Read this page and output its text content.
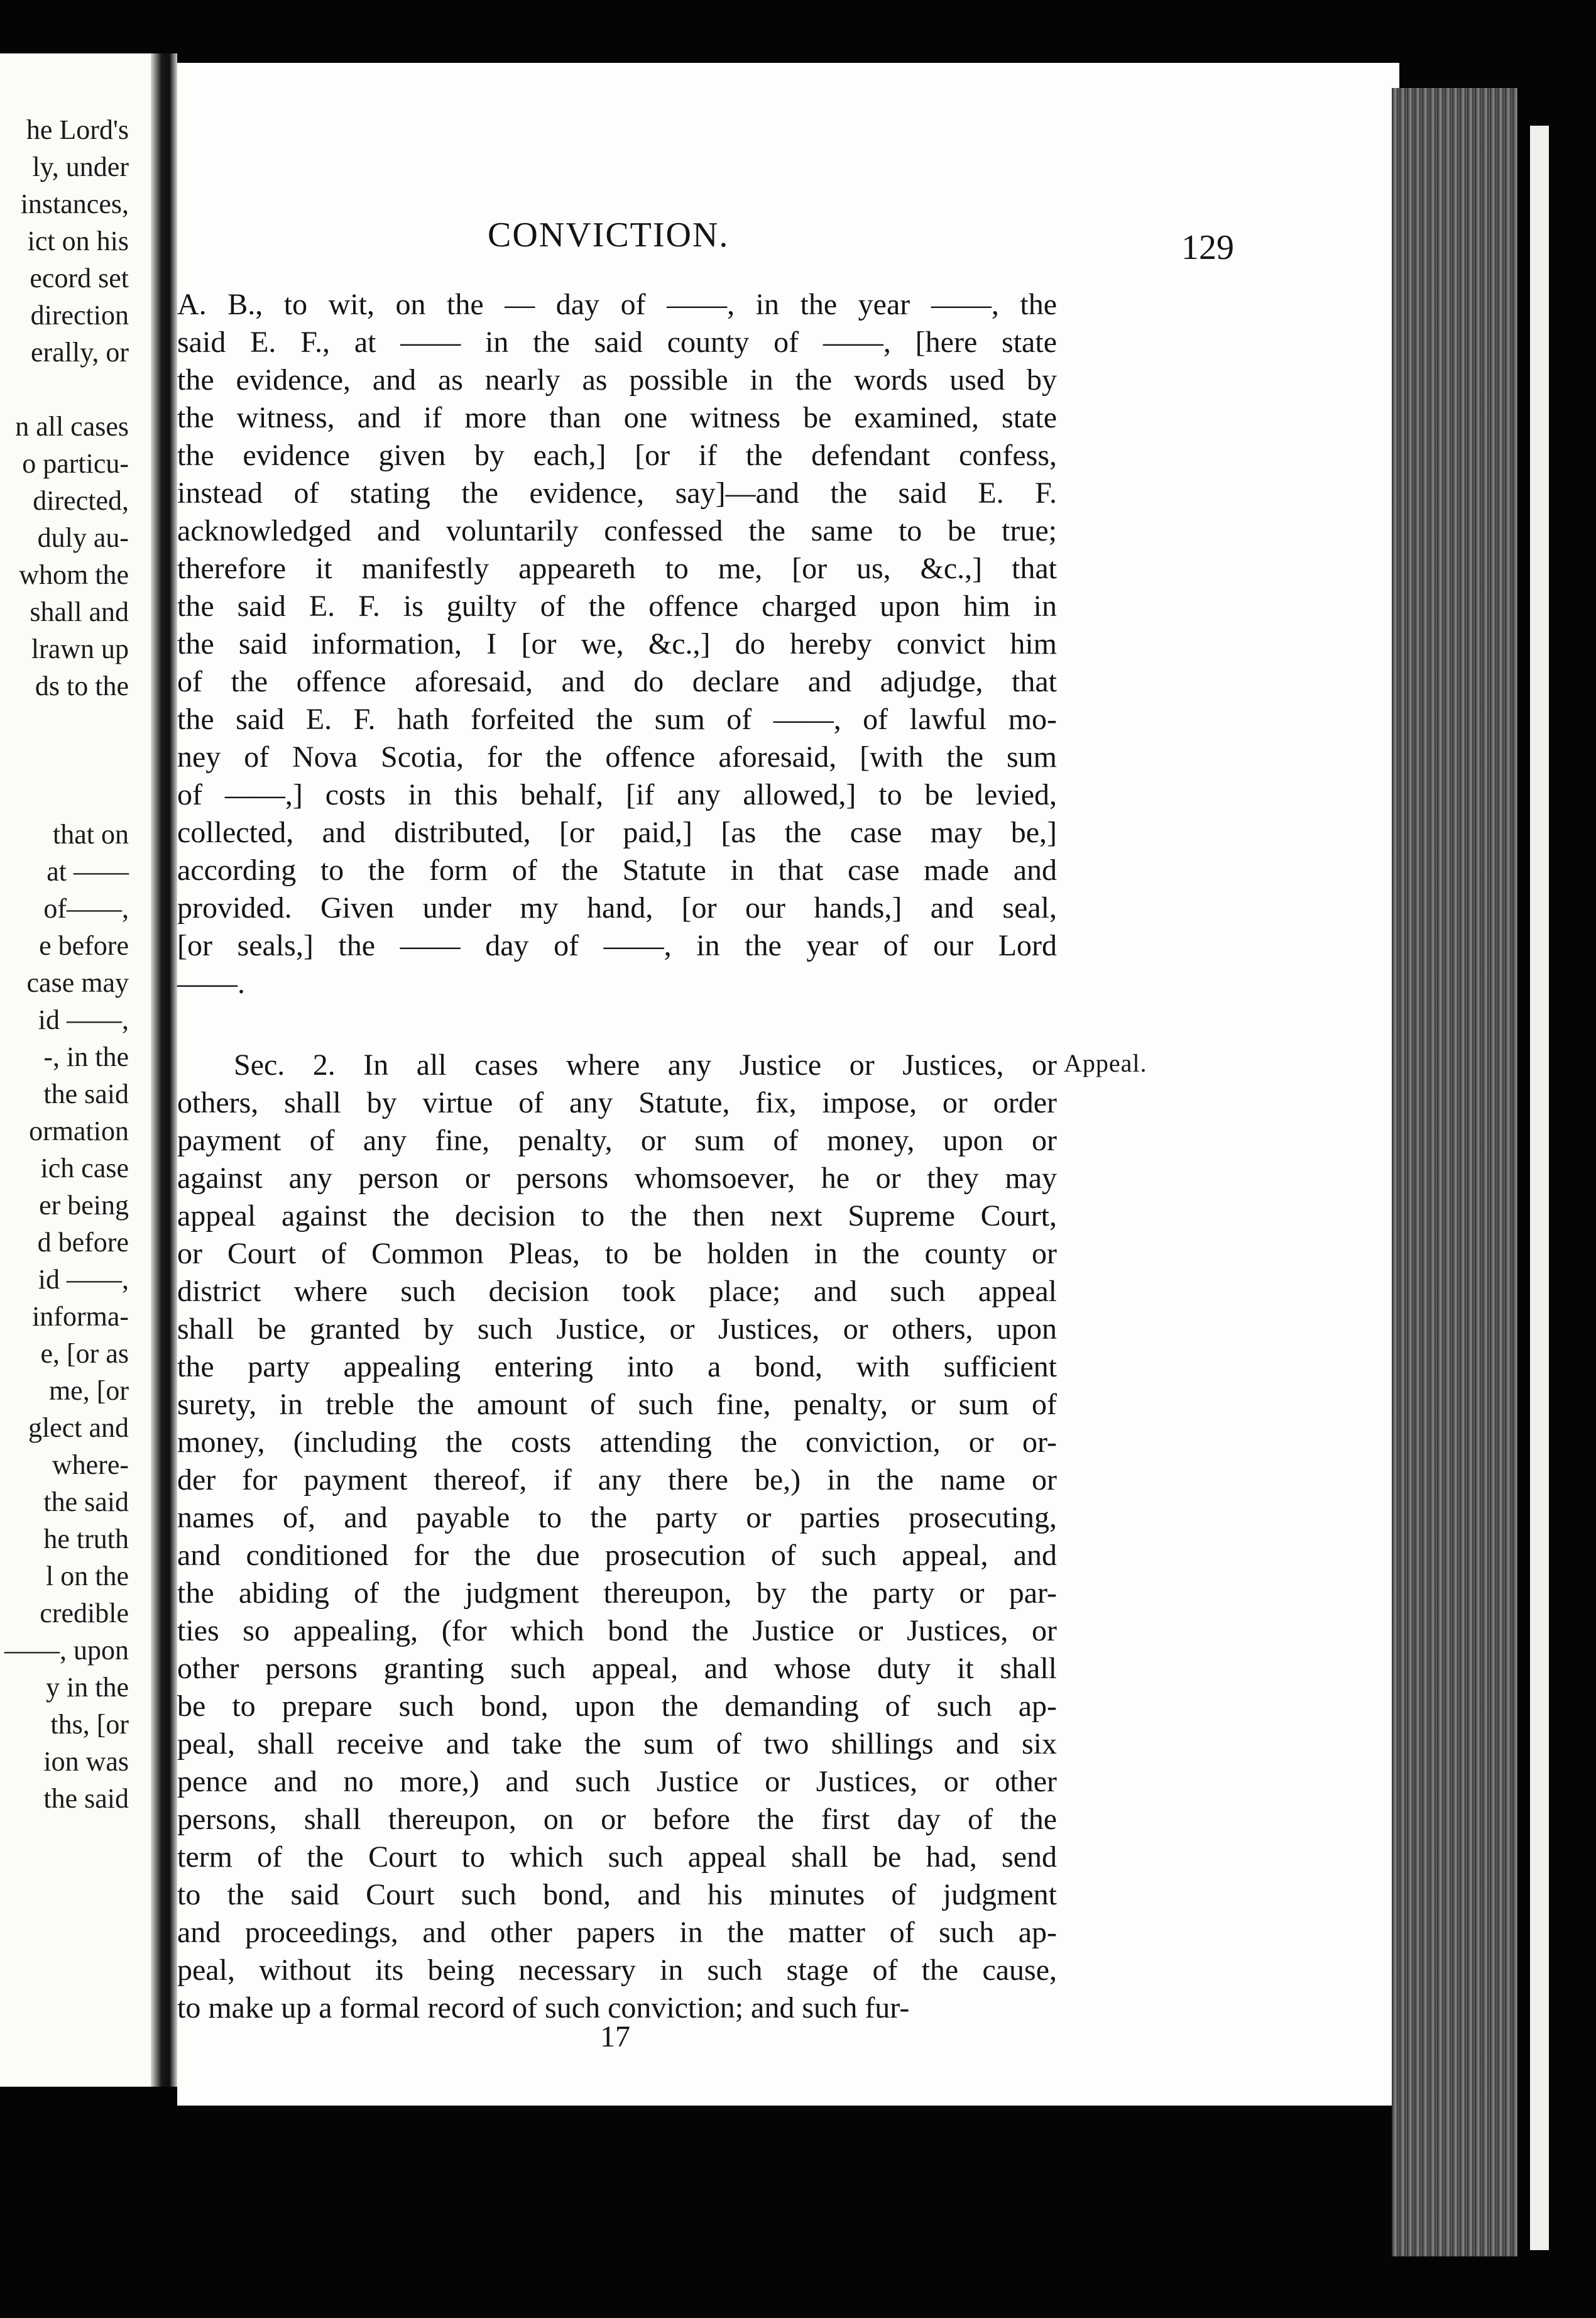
he Lord's
ly, under
instances,
ict on his
ecord set
direction
erally, or
n all cases
o particu-
directed,
duly au-
whom the
shall and
lrawn up
ds to the
that on
at ——
of——,
e before
case may
id ——,
-, in the
the said
ormation
ich case
er being
d before
id ——,
informa-
e, [or as
me, [or
glect and
where-
the said
he truth
l on the
credible
——, upon
y in the
ths, [or
ion was
the said
CONVICTION.	129
A. B., to wit, on the — day of ——, in the year ——, the
said E. F., at —— in the said county of ——, [here state
the evidence, and as nearly as possible in the words used by
the witness, and if more than one witness be examined, state
the evidence given by each,] [or if the defendant confess,
instead of stating the evidence, say]—and the said E. F.
acknowledged and voluntarily confessed the same to be true;
therefore it manifestly appeareth to me, [or us, &c.,] that
the said E. F. is guilty of the offence charged upon him in
the said information, I [or we, &c.,] do hereby convict him
of the offence aforesaid, and do declare and adjudge, that
the said E. F. hath forfeited the sum of ——, of lawful mo-
ney of Nova Scotia, for the offence aforesaid, [with the sum
of ——,] costs in this behalf, [if any allowed,] to be levied,
collected, and distributed, [or paid,] [as the case may be,]
according to the form of the Statute in that case made and
provided. Given under my hand, [or our hands,] and seal,
[or seals,] the —— day of ——, in the year of our Lord
——.
Sec. 2. In all cases where any Justice or Justices, or
others, shall by virtue of any Statute, fix, impose, or order
payment of any fine, penalty, or sum of money, upon or
against any person or persons whomsoever, he or they may
appeal against the decision to the then next Supreme Court,
or Court of Common Pleas, to be holden in the county or
district where such decision took place; and such appeal
shall be granted by such Justice, or Justices, or others, upon
the party appealing entering into a bond, with sufficient
surety, in treble the amount of such fine, penalty, or sum of
money, (including the costs attending the conviction, or or-
der for payment thereof, if any there be,) in the name or
names of, and payable to the party or parties prosecuting,
and conditioned for the due prosecution of such appeal, and
the abiding of the judgment thereupon, by the party or par-
ties so appealing, (for which bond the Justice or Justices, or
other persons granting such appeal, and whose duty it shall
be to prepare such bond, upon the demanding of such ap-
peal, shall receive and take the sum of two shillings and six
pence and no more,) and such Justice or Justices, or other
persons, shall thereupon, on or before the first day of the
term of the Court to which such appeal shall be had, send
to the said Court such bond, and his minutes of judgment
and proceedings, and other papers in the matter of such ap-
peal, without its being necessary in such stage of the cause,
to make up a formal record of such conviction; and such fur-
Appeal.
17
